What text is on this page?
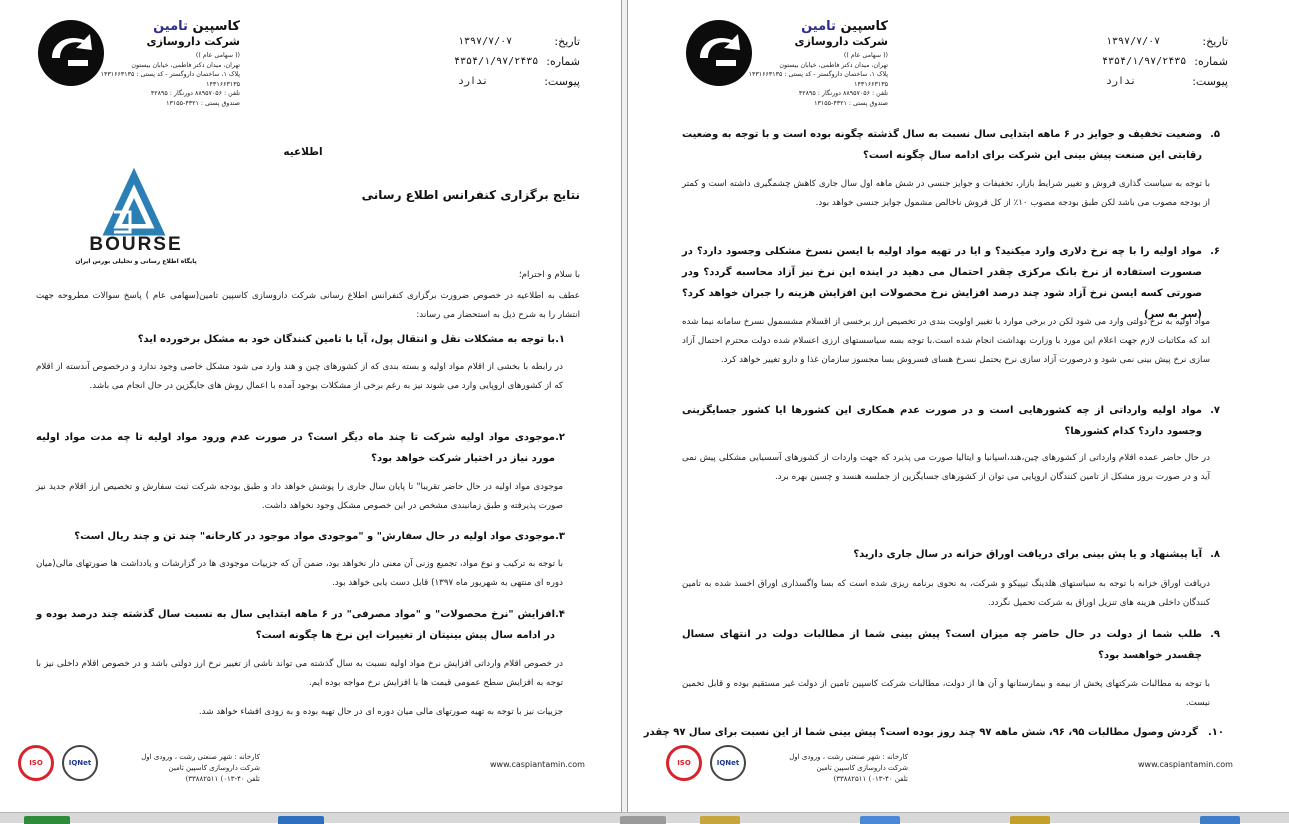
کاسپین تامین
شرکت داروسازی
(( سهامی عام ))
تهران، میدان دکتر فاطمی، خیابان بیستون
پلاک ۱، ساختمان داروگستر - کد پستی : ۱۴۳۱۶۶۳۱۳۵
۱۴۳۱۶۶۳۱۳۵
تلفن : ۸۸۹۵۷۰۵۶ دورنگار : ۴۲۸۹۵
صندوق پستی : ۴۳۲۱-۱۳۱۵۵
تاریخ:
۱۳۹۷/۷/۰۷
شماره:
۴۳۵۴/۱/۹۷/۲۴۳۵
پیوست:
ندارد
اطلاعیه
BOURSE
پایگاه اطلاع رسانی و تحلیلی بورس ایران
نتایج برگزاری کنفرانس اطلاع رسانی
با سلام و احترام؛
عطف به اطلاعیه در خصوص ضرورت برگزاری کنفرانس اطلاع رسانی شرکت داروسازی کاسپین تامین(سهامی عام ) پاسخ سوالات مطروحه جهت انتشار را به شرح ذیل به استحضار می رساند:
با توجه به مشکلات نقل و انتقال پول، آیا با تامین کنندگان خود به مشکل برخورده اید؟ ۱.
در رابطه با بخشی از اقلام مواد اولیه و بسته بندی که از کشورهای چین و هند وارد می شود مشکل خاصی وجود ندارد و درخصوص آندسته از اقلام که از کشورهای اروپایی وارد می شوند نیز به رغم برخی از مشکلات بوجود آمده با اعمال روش های جایگزین در حال انجام می باشد.
موجودی مواد اولیه شرکت تا چند ماه دیگر است؟ در صورت عدم ورود مواد اولیه تا چه مدت مواد اولیه مورد نیاز در اختیار شرکت خواهد بود؟
۲.
موجودی مواد اولیه در حال حاضر تقریبا" تا پایان سال جاری را پوشش خواهد داد و طبق بودجه شرکت ثبت سفارش و تخصیص ارز اقلام جدید نیز صورت پذیرفته و طبق زمانبندی مشخص در این خصوص مشکل وجود نخواهد داشت.
موجودی مواد اولیه در حال سفارش" و "موجودی مواد موجود در کارخانه" چند تن و چند ریال است؟ ۳.
با توجه به ترکیب و نوع مواد، تجمیع وزنی آن معنی دار نخواهد بود، ضمن آن که جزییات موجودی ها در گزارشات و یادداشت ها صورتهای مالی(میان دوره ای منتهی به شهریور ماه ۱۳۹۷) قابل دست یابی خواهد بود.
افزایش "نرخ محصولات" و "مواد مصرفی" در ۶ ماهه ابتدایی سال به نسبت سال گذشته چند درصد بوده و در ادامه سال پیش بینیتان از تغییرات این نرخ ها چگونه است؟
۴.
در خصوص اقلام وارداتی افزایش نرخ مواد اولیه نسبت به سال گذشته می تواند ناشی از تغییر نرخ ارز دولتی باشد و در خصوص اقلام داخلی نیز با توجه به افزایش سطح عمومی قیمت ها با افزایش نرخ مواجه بوده ایم.
جزییات نیز با توجه به تهیه صورتهای مالی میان دوره ای در حال تهیه بوده و به زودی افشاء خواهد شد.
ISO	IQNet
کارخانه : شهر صنعتی رشت ، ورودی اول
شرکت داروسازی کاسپین تامین
تلفن ۴۰-۰۱۳) ۳۳۸۸۲۵۱۱)
www.caspiantamin.com
کاسپین تامین
شرکت داروسازی
(( سهامی عام ))
تهران، میدان دکتر فاطمی، خیابان بیستون
پلاک ۱، ساختمان داروگستر - کد پستی : ۱۴۳۱۶۶۳۱۳۵
۱۴۳۱۶۶۳۱۳۵
تلفن : ۸۸۹۵۷۰۵۶ دورنگار : ۴۲۸۹۵
صندوق پستی : ۴۳۲۱-۱۳۱۵۵
تاریخ:
۱۳۹۷/۷/۰۷
شماره:
۴۳۵۴/۱/۹۷/۲۴۳۵
پیوست:
ندارد
وضعیت تخفیف و جوایز در ۶ ماهه ابتدایی سال نسبت به سال گذشته چگونه بوده است و با توجه به وضعیت رقابتی این صنعت پیش بینی این شرکت برای ادامه سال چگونه است؟
۵.
با توجه به سیاست گذاری فروش و تغییر شرایط بازار، تخفیفات و جوایز جنسی در شش ماهه اول سال جاری کاهش چشمگیری داشته است و کمتر از بودجه مصوب می باشد لکن طبق بودجه مصوب ۱۰٪ از کل فروش ناخالص مشمول جوایز جنسی خواهد بود.
مواد اولیه را با چه نرخ دلاری وارد میکنید؟ و ایا در تهیه مواد اولیه با ایسن نسرخ مشکلی وجسود دارد؟ در صسورت استفاده از نرخ بانک مرکزی چقدر احتمال می دهید در اینده این نرخ نیز آزاد محاسبه گردد؟ ودر صورتی کسه ایسن نرخ آزاد شود چند درصد افزایش نرخ محصولات این افزایش هزینه را جبران خواهد کرد؟ (سر به سر)
۶.
مواد اولیه به نرخ دولتی وارد می شود لکن در برخی موارد با تغییر اولویت بندی در تخصیص ارز برخسی از اقسلام مشسمول نسرخ سامانه نیما شده اند که مکاتبات لازم جهت اعلام این مورد با وزارت بهداشت انجام شده است.با توجه بسه سیاسستهای ارزی اعسلام شده دولت محترم احتمال آزاد سازی نرخ پیش بینی نمی شود و درصورت آزاد سازی نرخ یحتمل نسرخ هسای فسروش بسا مجسوز سازمان غذا و دارو تغییر خواهد کرد.
مواد اولیه وارداتی از چه کشورهایی است و در صورت عدم همکاری این کشورها ایا کشور جسایگزینی وجسود دارد؟ کدام کشورها؟
۷.
در حال حاضر عمده اقلام وارداتی از کشورهای چین،هند،اسپانیا و ایتالیا صورت می پذیرد که جهت واردات از کشورهای آسسیایی مشکلی پیش نمی آید و در صورت بروز مشکل از تامین کنندگان اروپایی می توان از کشورهای جسایگزین از جملسه هنسد و چسین بهره برد.
آیا پیشنهاد و یا پش بینی برای دریافت اوراق خزانه در سال جاری دارید؟ ۸.
دریافت اوراق خزانه با توجه به سیاستهای هلدینگ تیپیکو و شرکت، به نحوی برنامه ریزی شده است که بسا واگسذاری اوراق اخسذ شده به تامین کنندگان داخلی هزینه های تنزیل اوراق به شرکت تحمیل نگردد.
طلب شما از دولت در حال حاضر چه میزان است؟ پیش بینی شما از مطالبات دولت در انتهای سسال چقسدر خواهسد بود؟
۹.
با توجه به مطالبات شرکتهای پخش از بیمه و بیمارستانها و آن ها از دولت، مطالبات شرکت کاسپین تامین از دولت غیر مستقیم بوده و قابل تخمین نیست.
گردش وصول مطالبات ۹۵، ۹۶، شش ماهه ۹۷ چند روز بوده است؟ پیش بینی شما از این نسبت برای سال ۹۷ چقدر ۱۰.
ISO	IQNet
کارخانه : شهر صنعتی رشت ، ورودی اول
شرکت داروسازی کاسپین تامین
تلفن ۴۰-۰۱۳) ۳۳۸۸۲۵۱۱)
www.caspiantamin.com
